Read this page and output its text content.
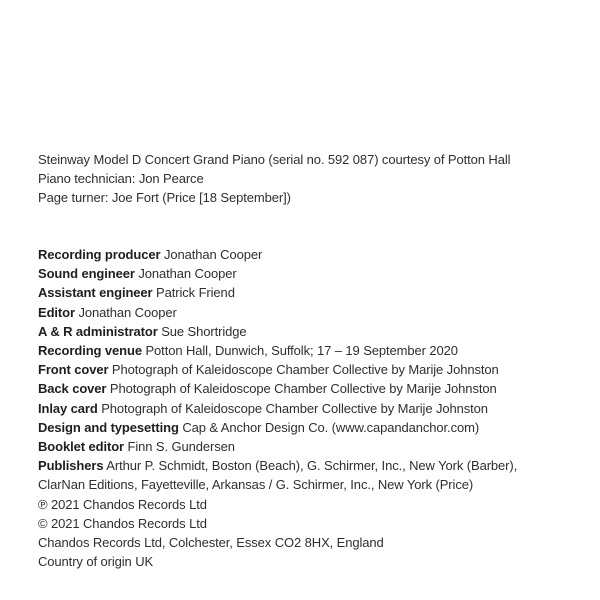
Steinway Model D Concert Grand Piano (serial no. 592 087) courtesy of Potton Hall

Piano technician: Jon Pearce

Page turner: Joe Fort (Price [18 September])

Recording producer Jonathan Cooper

Sound engineer Jonathan Cooper

Assistant engineer Patrick Friend

Editor Jonathan Cooper

A & R administrator Sue Shortridge

Recording venue Potton Hall, Dunwich, Suffolk; 17 – 19 September 2020

Front cover Photograph of Kaleidoscope Chamber Collective by Marije Johnston

Back cover Photograph of Kaleidoscope Chamber Collective by Marije Johnston

Inlay card Photograph of Kaleidoscope Chamber Collective by Marije Johnston

Design and typesetting Cap & Anchor Design Co. (www.capandanchor.com)

Booklet editor Finn S. Gundersen

Publishers Arthur P. Schmidt, Boston (Beach), G. Schirmer, Inc., New York (Barber),

ClarNan Editions, Fayetteville, Arkansas / G. Schirmer, Inc., New York (Price)

℗ 2021 Chandos Records Ltd

© 2021 Chandos Records Ltd

Chandos Records Ltd, Colchester, Essex CO2 8HX, England

Country of origin UK
